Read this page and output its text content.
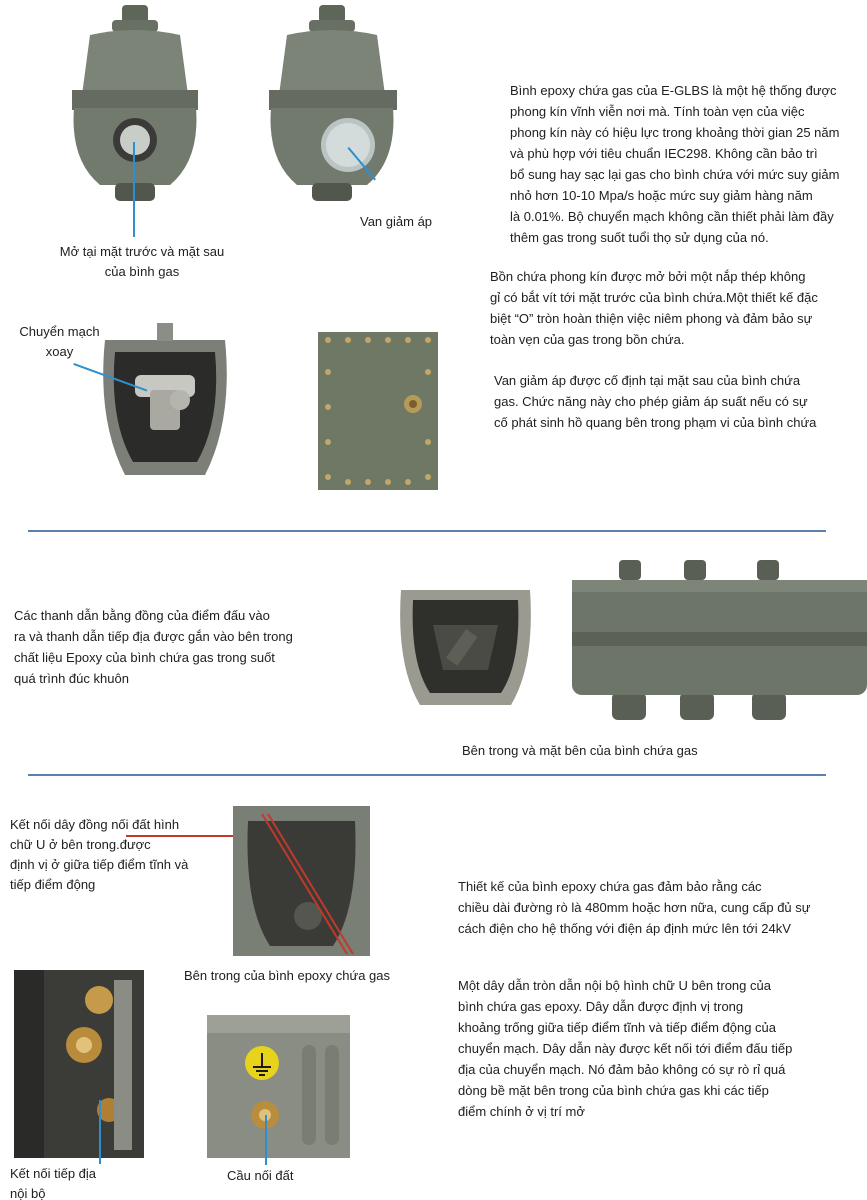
Mở tại mặt trước và mặt sau
của bình gas
Van giảm áp
Bình epoxy chứa gas của E-GLBS là một hệ thống được
phong kín vĩnh viễn nơi mà. Tính toàn vẹn của việc
phong kín này có hiệu lực trong khoảng thời gian 25 năm
và phù hợp với tiêu chuẩn IEC298. Không cần bảo trì
bổ sung hay sạc lại gas cho bình chứa với mức suy giảm
nhỏ hơn 10-10 Mpa/s hoặc mức suy giảm hàng năm
là 0.01%. Bộ chuyển mạch không cần thiết phải làm đầy
thêm gas trong suốt tuổi thọ sử dụng của nó.
Chuyển mạch
xoay
Bồn chứa phong kín được mở bởi một nắp thép không
gỉ có bắt vít tới mặt trước của bình chứa.Một thiết kế đặc
biệt “O” tròn hoàn thiện việc niêm phong và đảm bảo sự
toàn vẹn của gas trong bồn chứa.
Van giảm áp được cố định tại mặt sau của bình chứa
gas. Chức năng này cho phép giảm áp suất nếu có sự
cố phát sinh hồ quang bên trong phạm vi của bình chứa
Các thanh dẫn bằng đồng của điểm đấu vào
ra và thanh dẫn tiếp địa được gắn vào bên trong
chất liệu Epoxy của bình chứa gas trong suốt
quá trình đúc khuôn
Bên trong và mặt bên của bình chứa gas
Kết nối dây đồng nối đất hình
chữ U ở bên trong.được
định vị ở giữa tiếp điểm tĩnh và
tiếp điểm động
Bên trong của bình epoxy chứa gas
Thiết kế của bình epoxy chứa gas đảm bảo rằng các
chiều dài đường rò là 480mm hoặc hơn nữa, cung cấp đủ sự
cách điện cho hệ thống với điện áp định mức lên tới 24kV
Một dây dẫn tròn dẫn nội bộ hình chữ U bên trong của
bình chứa gas epoxy. Dây dẫn được định vị trong
khoảng trống giữa tiếp điểm tĩnh và tiếp điểm động của
chuyển mạch. Dây dẫn này được kết nối tới điểm đấu tiếp
địa của chuyển mạch. Nó đảm bảo không có sự rò rỉ quá
dòng bề mặt bên trong của bình chứa gas khi các tiếp
điểm chính ở vị trí mở
Kết nối tiếp địa
nội bộ
Cầu nối đất
